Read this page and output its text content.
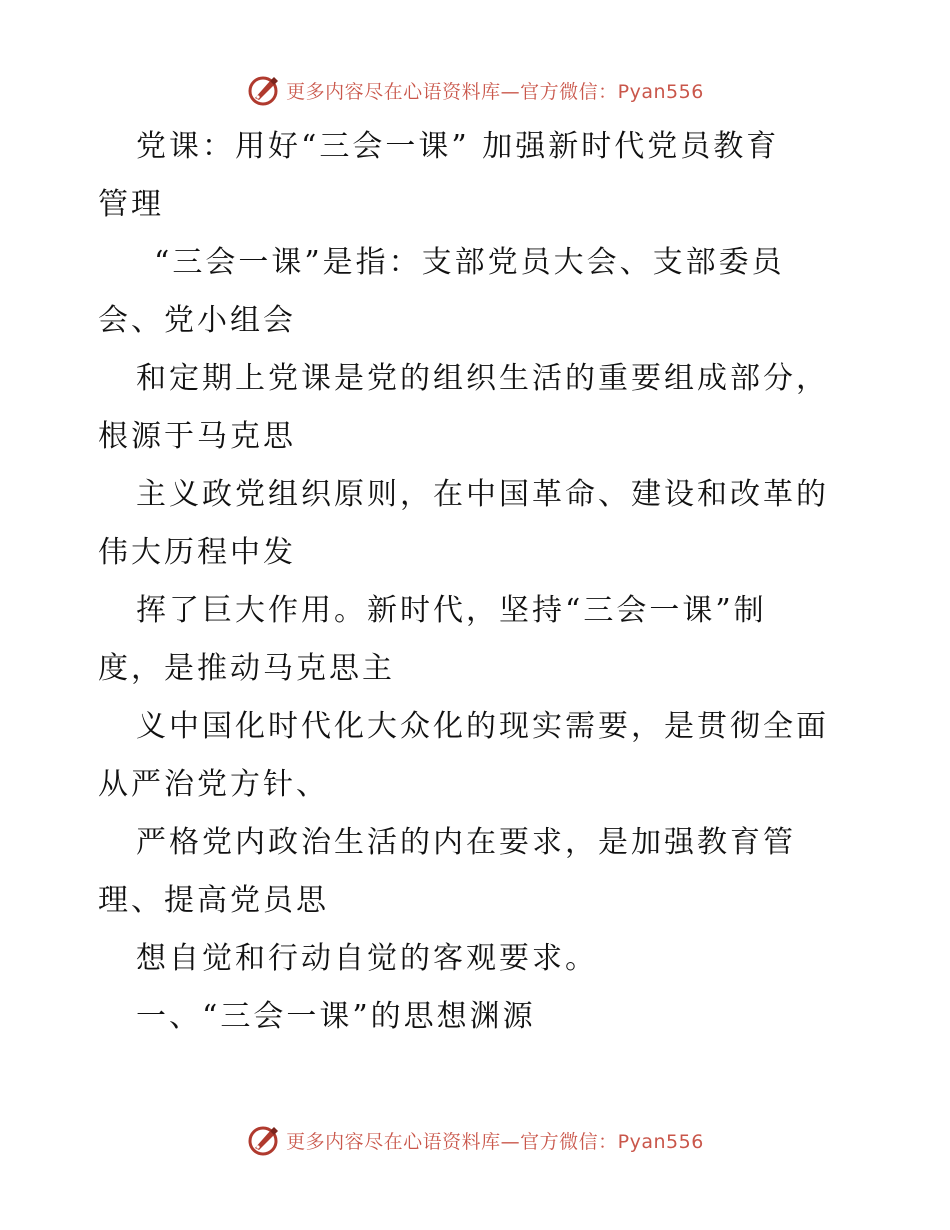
更多内容尽在心语资料库—官方微信：Pyan556

党课：用好“三会一课” 加强新时代党员教育

管理

“三会一课”是指：支部党员大会、支部委员

会、党小组会

和定期上党课是党的组织生活的重要组成部分，

根源于马克思

主义政党组织原则，在中国革命、建设和改革的

伟大历程中发

挥了巨大作用。新时代，坚持“三会一课”制

度，是推动马克思主

义中国化时代化大众化的现实需要，是贯彻全面

从严治党方针、

严格党内政治生活的内在要求，是加强教育管

理、提高党员思

想自觉和行动自觉的客观要求。

一、“三会一课”的思想渊源

更多内容尽在心语资料库—官方微信：Pyan556
